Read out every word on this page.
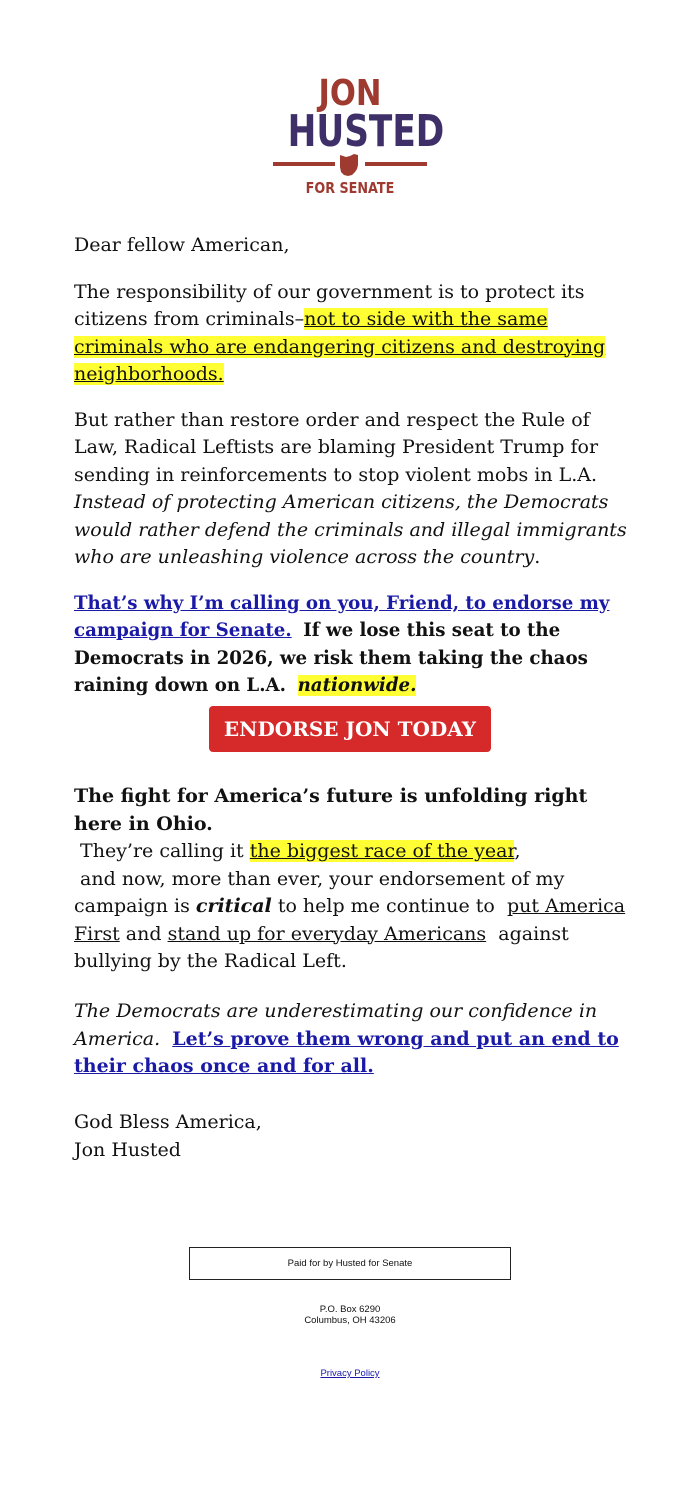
JON
HUSTED
FOR SENATE

Dear fellow American,

The responsibility of our government is to protect its citizens from criminals–not to side with the same criminals who are endangering citizens and destroying neighborhoods.

But rather than restore order and respect the Rule of Law, Radical Leftists are blaming President Trump for sending in reinforcements to stop violent mobs in L.A.  Instead of protecting American citizens, the Democrats would rather defend the criminals and illegal immigrants who are unleashing violence across the country.

That’s why I’m calling on you, Friend, to endorse my campaign for Senate. If we lose this seat to the Democrats in 2026, we risk them taking the chaos raining down on L.A. nationwide.

ENDORSE JON TODAY

The fight for America’s future is unfolding right here in Ohio.

They’re calling it the biggest race of the year,

and now, more than ever, your endorsement of my campaign is critical to help me continue to put America First and stand up for everyday Americans against bullying by the Radical Left.

The Democrats are underestimating our confidence in America. Let’s prove them wrong and put an end to their chaos once and for all.

God Bless America,

Jon Husted

Paid for by Husted for Senate
P.O. Box 6290
Columbus, OH 43206
Privacy Policy
